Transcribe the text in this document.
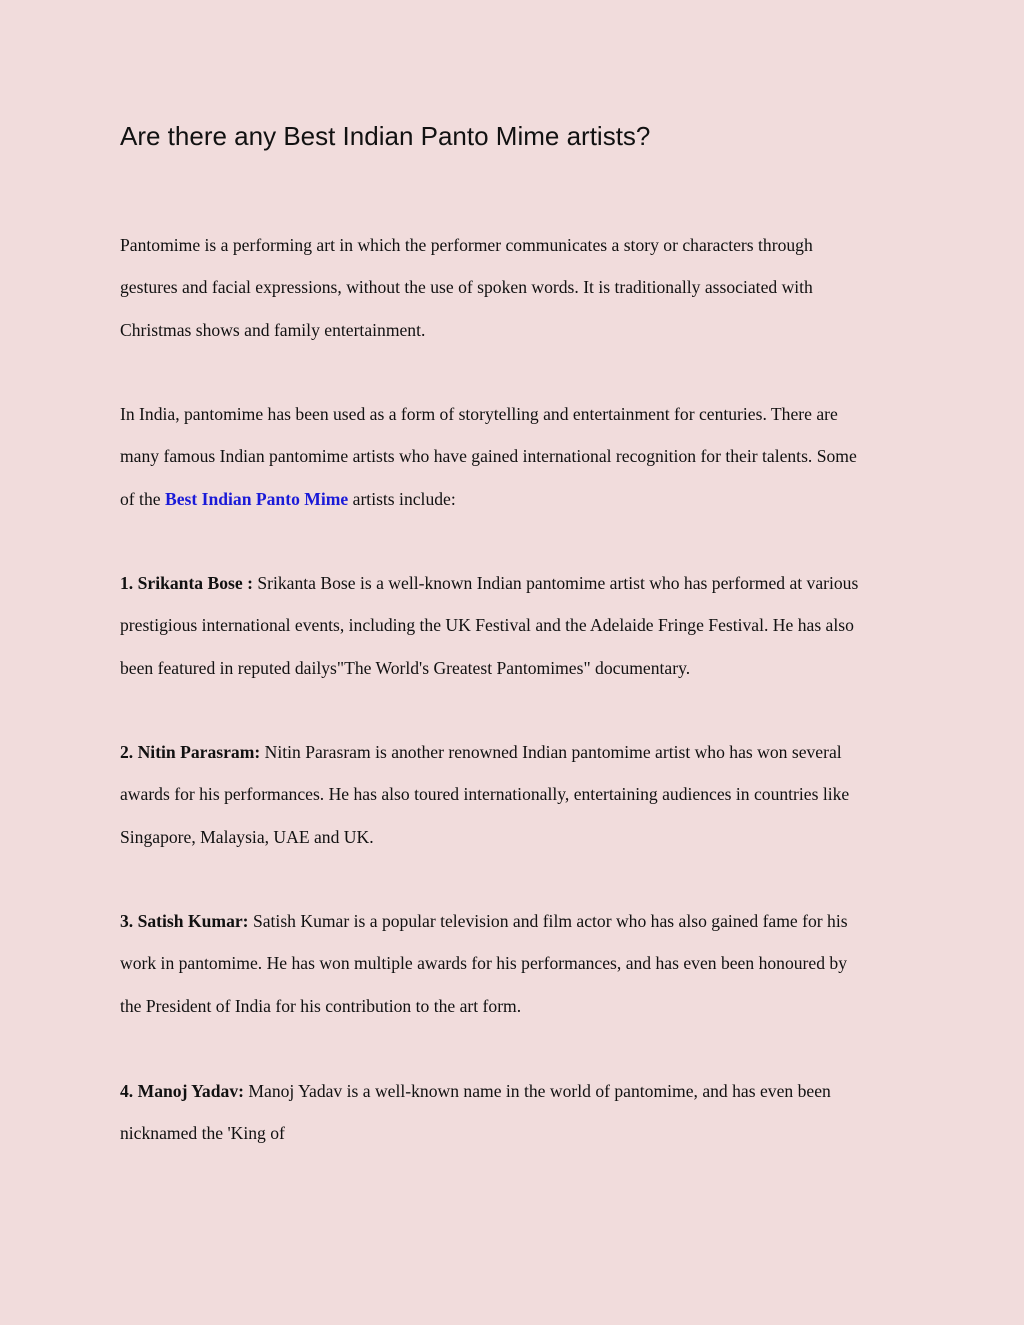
Are there any Best Indian Panto Mime artists?

Pantomime is a performing art in which the performer communicates a story or characters through
gestures and facial expressions, without the use of spoken words. It is traditionally associated with
Christmas shows and family entertainment.

In India, pantomime has been used as a form of storytelling and entertainment for centuries. There are
many famous Indian pantomime artists who have gained international recognition for their talents. Some
of the Best Indian Panto Mime artists include:

1. Srikanta Bose : Srikanta Bose is a well-known Indian pantomime artist who has performed at various
prestigious international events, including the UK Festival and the Adelaide Fringe Festival. He has also
been featured in reputed dailys"The World's Greatest Pantomimes" documentary.

2. Nitin Parasram: Nitin Parasram is another renowned Indian pantomime artist who has won several
awards for his performances. He has also toured internationally, entertaining audiences in countries like
Singapore, Malaysia, UAE and UK.

3. Satish Kumar: Satish Kumar is a popular television and film actor who has also gained fame for his
work in pantomime. He has won multiple awards for his performances, and has even been honoured by
the President of India for his contribution to the art form.

4. Manoj Yadav: Manoj Yadav is a well-known name in the world of pantomime, and has even been
nicknamed the 'King of
